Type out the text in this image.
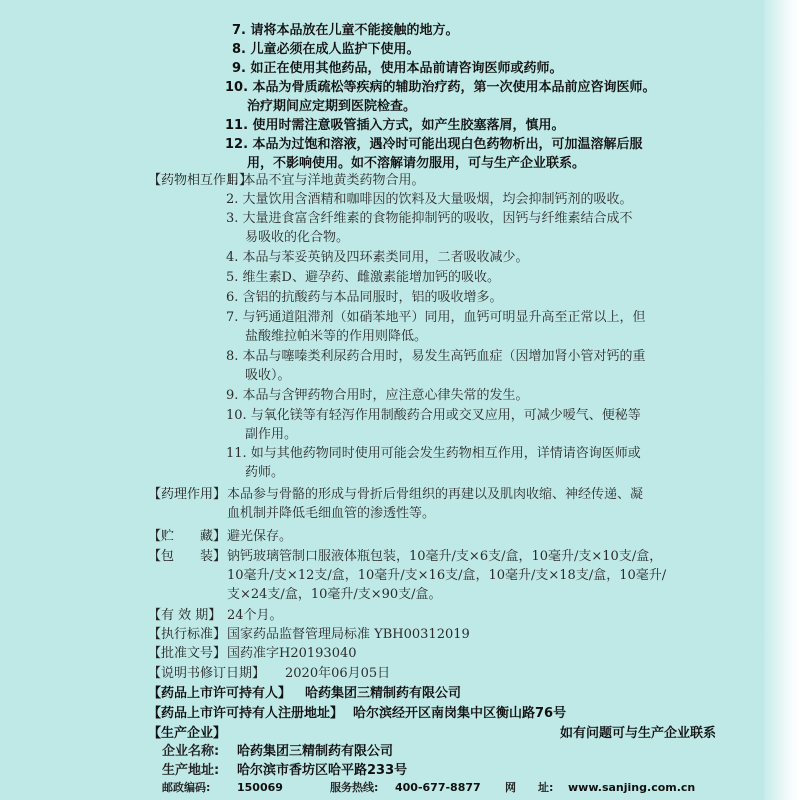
7. 请将本品放在儿童不能接触的地方。
8. 儿童必须在成人监护下使用。
9. 如正在使用其他药品，使用本品前请咨询医师或药师。
10. 本品为骨质疏松等疾病的辅助治疗药，第一次使用本品前应咨询医师。
治疗期间应定期到医院检查。
11. 使用时需注意吸管插入方式，如产生胶塞落屑，慎用。
12. 本品为过饱和溶液，遇冷时可能出现白色药物析出，可加温溶解后服
用，不影响使用。如不溶解请勿服用，可与生产企业联系。
【药物相互作用】
1. 本品不宜与洋地黄类药物合用。
2. 大量饮用含酒精和咖啡因的饮料及大量吸烟，均会抑制钙剂的吸收。
3. 大量进食富含纤维素的食物能抑制钙的吸收，因钙与纤维素结合成不
易吸收的化合物。
4. 本品与苯妥英钠及四环素类同用，二者吸收减少。
5. 维生素D、避孕药、雌激素能增加钙的吸收。
6. 含铝的抗酸药与本品同服时，铝的吸收增多。
7. 与钙通道阻滞剂（如硝苯地平）同用，血钙可明显升高至正常以上，但
盐酸维拉帕米等的作用则降低。
8. 本品与噻嗪类利尿药合用时，易发生高钙血症（因增加肾小管对钙的重
吸收）。
9. 本品与含钾药物合用时，应注意心律失常的发生。
10. 与氧化镁等有轻泻作用制酸药合用或交叉应用，可减少嗳气、便秘等
副作用。
11. 如与其他药物同时使用可能会发生药物相互作用，详情请咨询医师或
药师。
【药理作用】 本品参与骨骼的形成与骨折后骨组织的再建以及肌肉收缩、神经传递、凝
血机制并降低毛细血管的渗透性等。
【贮　　藏】 避光保存。
【包　　装】 钠钙玻璃管制口服液体瓶包装，10毫升/支×6支/盒，10毫升/支×10支/盒，
10毫升/支×12支/盒，10毫升/支×16支/盒，10毫升/支×18支/盒，10毫升/
支×24支/盒，10毫升/支×90支/盒。
【有 效 期】 24个月。
【执行标准】 国家药品监督管理局标准 YBH00312019
【批准文号】 国药准字H20193040
【说明书修订日期】 2020年06月05日
【药品上市许可持有人】 哈药集团三精制药有限公司
【药品上市许可持有人注册地址】 哈尔滨经开区南岗集中区衡山路76号
【生产企业】
企业名称: 哈药集团三精制药有限公司
生产地址: 哈尔滨市香坊区哈平路233号
邮政编码: 150069	服务热线: 400-677-8877 网　　址: www.sanjing.com.cn
如有问题可与生产企业联系
